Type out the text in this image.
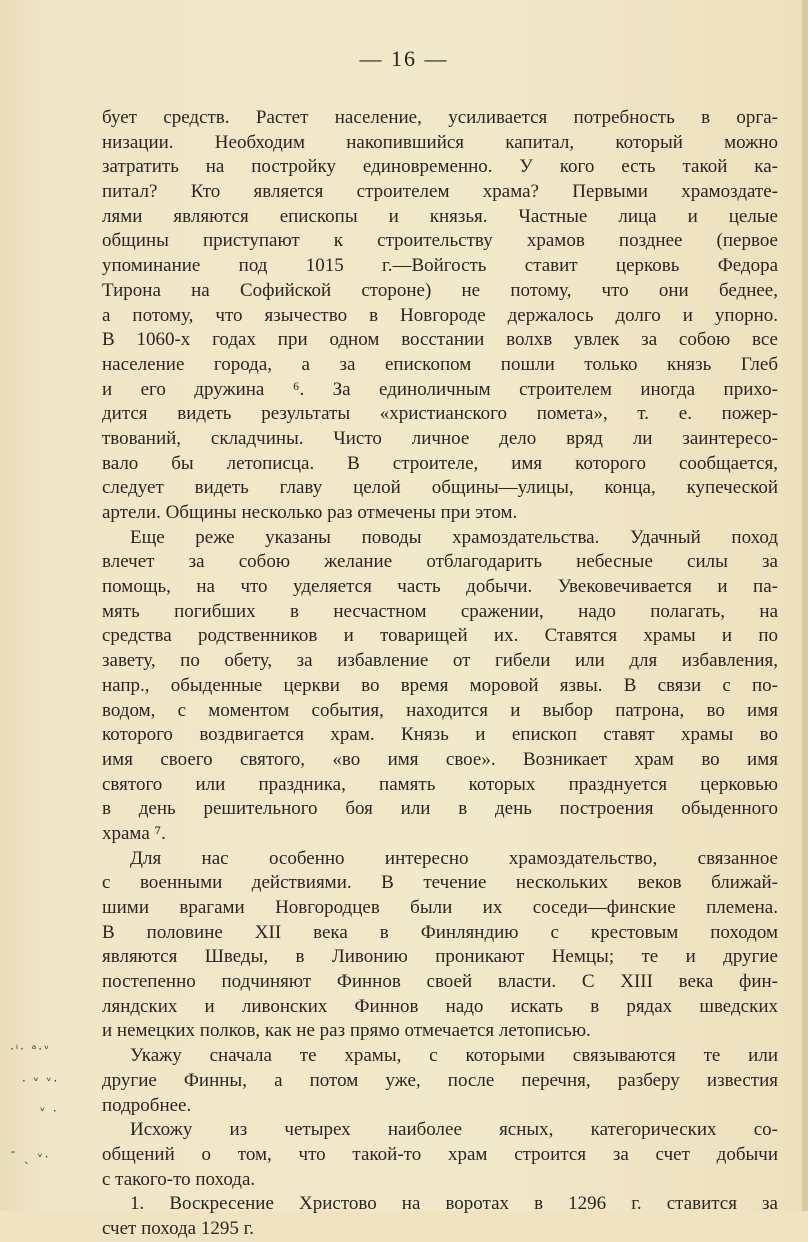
— 16 —
бует средств. Растет население, усиливается потребность в орга-
низации. Необходим накопившийся капитал, который можно
затратить на постройку единовременно. У кого есть такой ка-
питал? Кто является строителем храма? Первыми храмоздате-
лями являются епископы и князья. Частные лица и целые
общины приступают к строительству храмов позднее (первое
упоминание под 1015 г.—Войгость ставит церковь Федора
Тирона на Софийской стороне) не потому, что они беднее,
а потому, что язычество в Новгороде держалось долго и упорно.
В 1060-х годах при одном восстании волхв увлек за собою все
население города, а за епископом пошли только князь Глеб
и его дружина ⁶. За единоличным строителем иногда прихо-
дится видеть результаты «христианского помета», т. е. пожер-
твований, складчины. Чисто личное дело вряд ли заинтересо-
вало бы летописца. В строителе, имя которого сообщается,
следует видеть главу целой общины—улицы, конца, купеческой
артели. Общины несколько раз отмечены при этом.
Еще реже указаны поводы храмоздательства. Удачный поход
влечет за собою желание отблагодарить небесные силы за
помощь, на что уделяется часть добычи. Увековечивается и па-
мять погибших в несчастном сражении, надо полагать, на
средства родственников и товарищей их. Ставятся храмы и по
завету, по обету, за избавление от гибели или для избавления,
напр., обыденные церкви во время моровой язвы. В связи с по-
водом, с моментом события, находится и выбор патрона, во имя
которого воздвигается храм. Князь и епископ ставят храмы во
имя своего святого, «во имя свое». Возникает храм во имя
святого или праздника, память которых празднуется церковью
в день решительного боя или в день построения обыденного
храма ⁷.
Для нас особенно интересно храмоздательство, связанное
с военными действиями. В течение нескольких веков ближай-
шими врагами Новгородцев были их соседи—финские племена.
В половине XII века в Финляндию с крестовым походом
являются Шведы, в Ливонию проникают Немцы; те и другие
постепенно подчиняют Финнов своей власти. С XIII века фин-
ляндских и ливонских Финнов надо искать в рядах шведских
и немецких полков, как не раз прямо отмечается летописью.
Укажу сначала те храмы, с которыми связываются те или
другие Финны, а потом уже, после перечня, разберу известия
подробнее.
Исхожу из четырех наиболее ясных, категорических со-
общений о том, что такой-то храм строится за счет добычи
с такого-то похода.
1. Воскресение Христово на воротах в 1296 г. ставится за
счет похода 1295 г.
·ⁱ· ᵃ·ᵛ
· ᵛ ᵛ·
ᵛ ·
ˉ ˎ ᵛ·
